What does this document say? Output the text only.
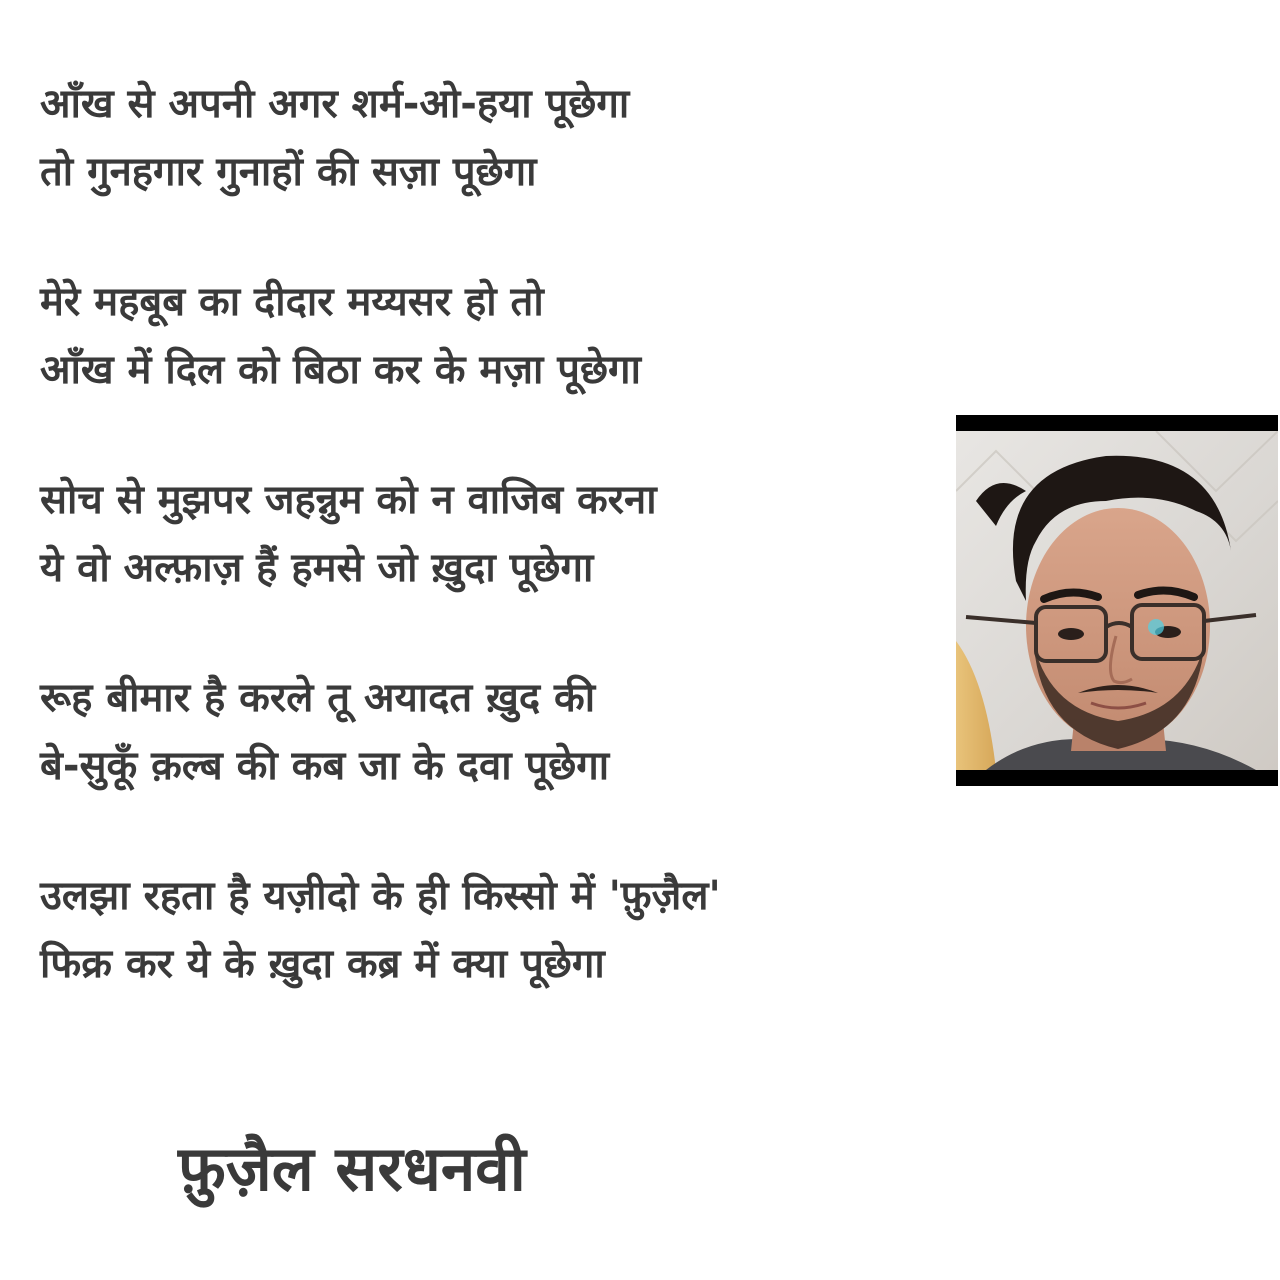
आँख से अपनी अगर शर्म-ओ-हया पूछेगा
तो गुनहगार गुनाहों की सज़ा पूछेगा
मेरे महबूब का दीदार मय्यसर हो तो
आँख में दिल को बिठा कर के मज़ा पूछेगा
सोच से मुझपर जहन्नुम को न वाजिब करना
ये वो अल्फ़ाज़ हैं हमसे जो ख़ुदा पूछेगा
रूह बीमार है करले तू अयादत ख़ुद की
बे-सुकूँ क़ल्ब की कब जा के दवा पूछेगा
उलझा रहता है यज़ीदो के ही किस्सो में 'फ़ुज़ैल'
फिक्र कर ये के ख़ुदा कब्र में क्या पूछेगा
फ़ुज़ैल सरधनवी
